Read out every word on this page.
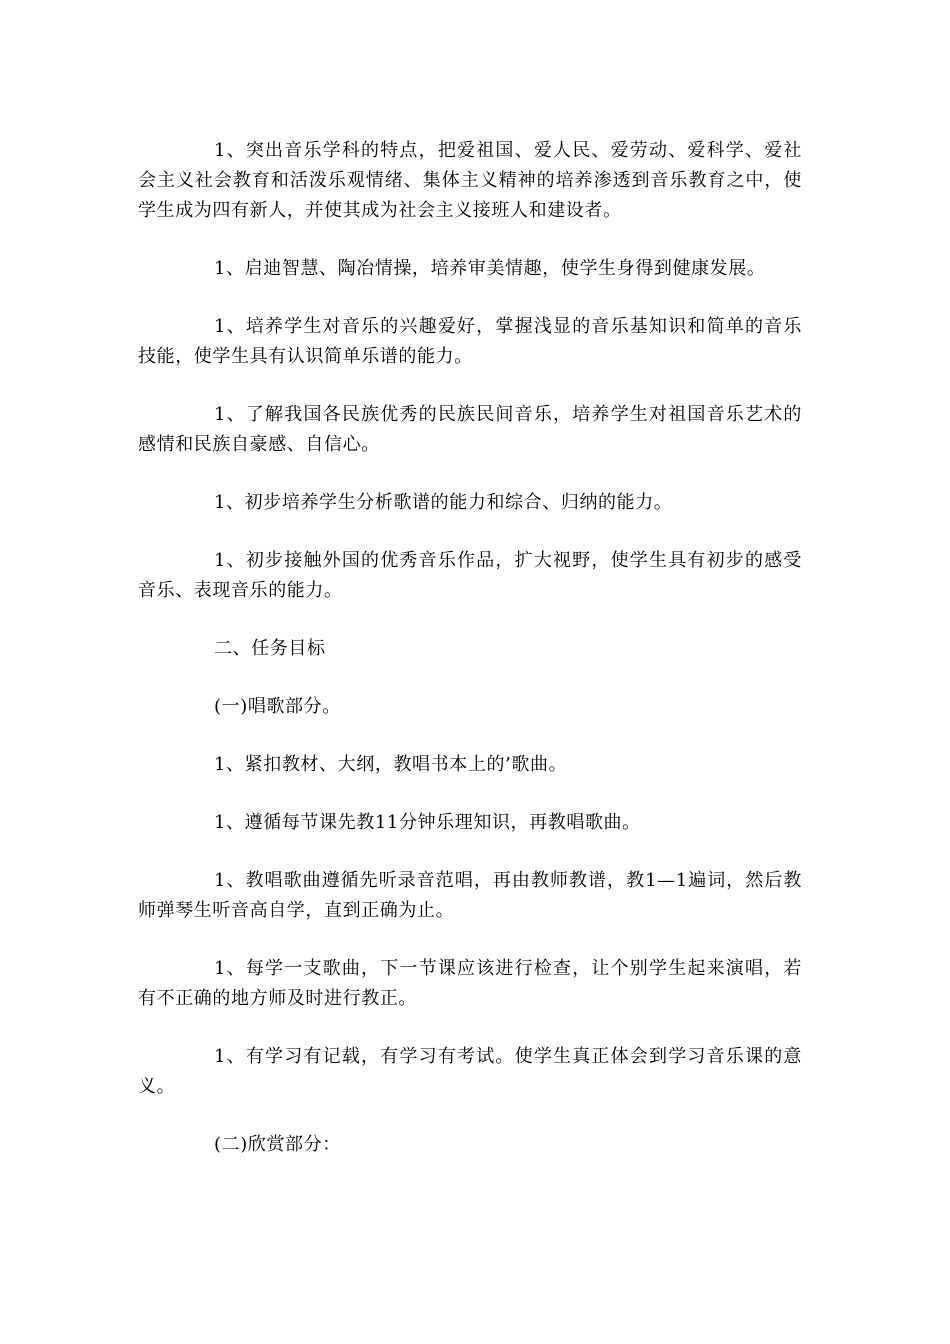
1、突出音乐学科的特点，把爱祖国、爱人民、爱劳动、爱科学、爱社会主义社会教育和活泼乐观情绪、集体主义精神的培养渗透到音乐教育之中，使学生成为四有新人，并使其成为社会主义接班人和建设者。

1、启迪智慧、陶冶情操，培养审美情趣，使学生身得到健康发展。

1、培养学生对音乐的兴趣爱好，掌握浅显的音乐基知识和简单的音乐技能，使学生具有认识简单乐谱的能力。

1、了解我国各民族优秀的民族民间音乐，培养学生对祖国音乐艺术的感情和民族自豪感、自信心。

1、初步培养学生分析歌谱的能力和综合、归纳的能力。

1、初步接触外国的优秀音乐作品，扩大视野，使学生具有初步的感受音乐、表现音乐的能力。

二、任务目标

(一)唱歌部分。

1、紧扣教材、大纲，教唱书本上的’歌曲。

1、遵循每节课先教11分钟乐理知识，再教唱歌曲。

1、教唱歌曲遵循先听录音范唱，再由教师教谱，教1—1遍词，然后教师弹琴生听音高自学，直到正确为止。

1、每学一支歌曲，下一节课应该进行检查，让个别学生起来演唱，若有不正确的地方师及时进行教正。

1、有学习有记载，有学习有考试。使学生真正体会到学习音乐课的意义。

(二)欣赏部分：
